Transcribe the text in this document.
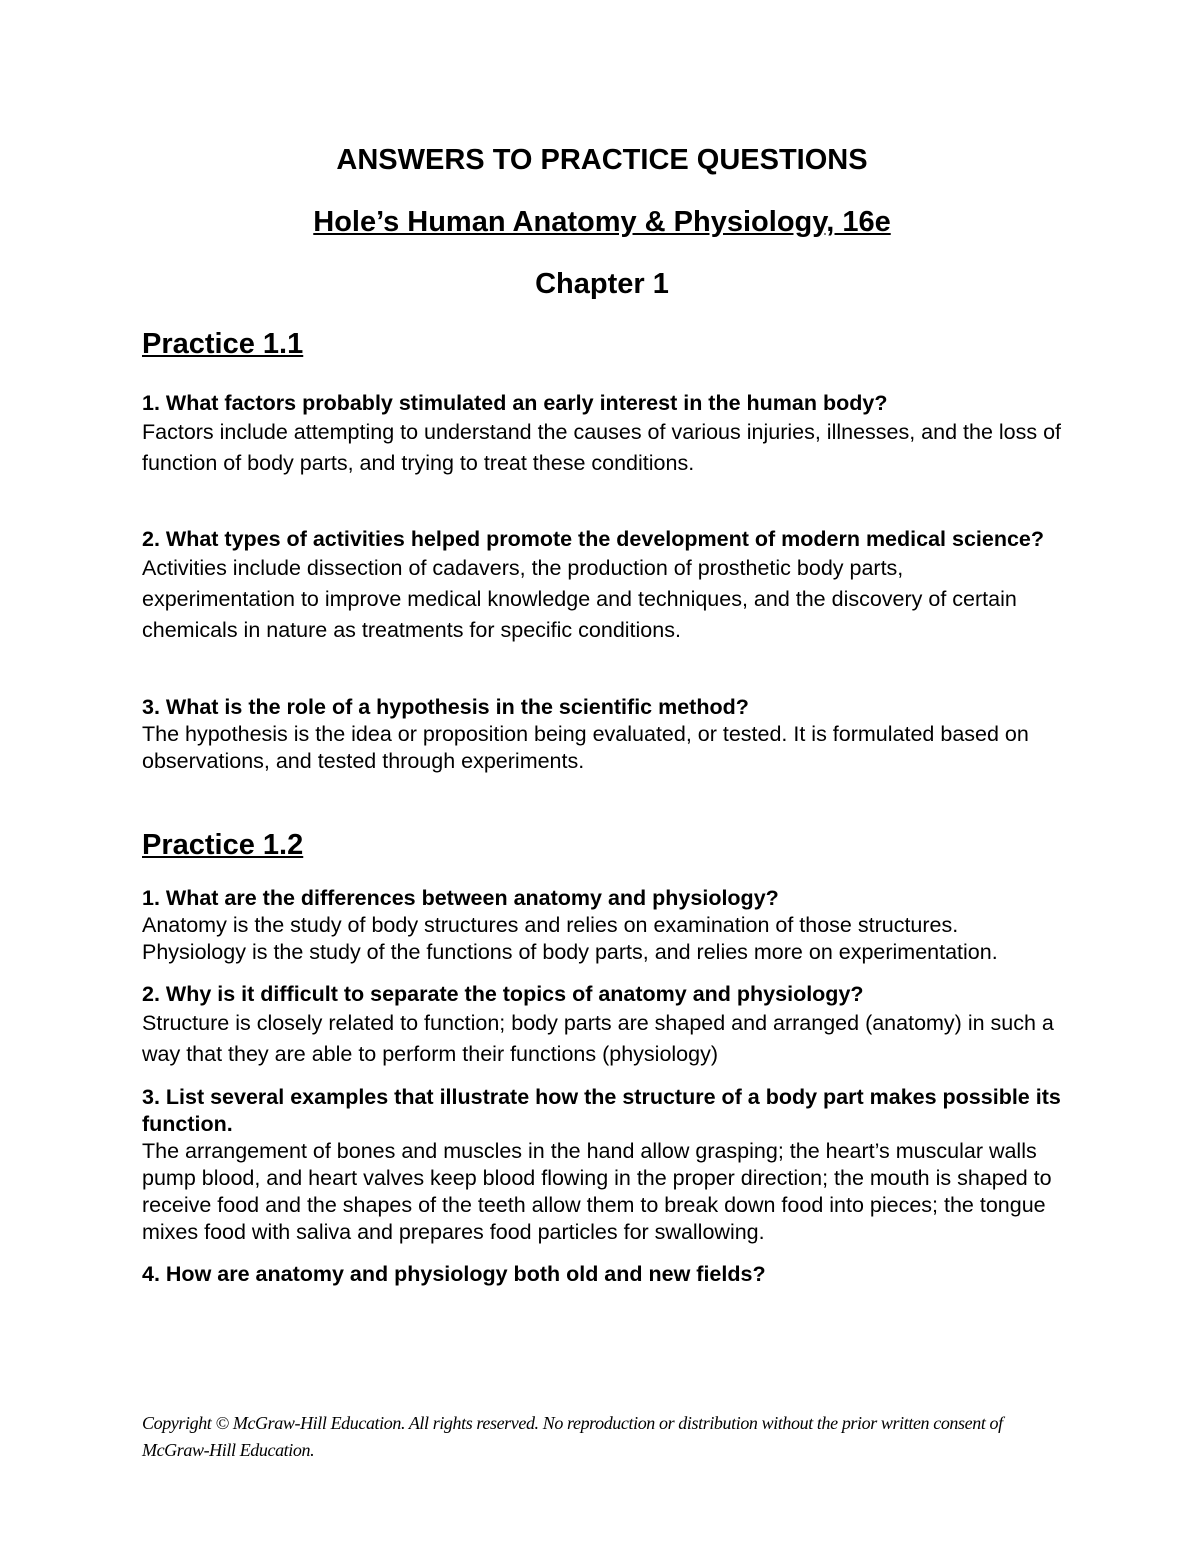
ANSWERS TO PRACTICE QUESTIONS
Hole’s Human Anatomy & Physiology, 16e
Chapter 1
Practice 1.1

1. What factors probably stimulated an early interest in the human body?

Factors include attempting to understand the causes of various injuries, illnesses, and the loss of function of body parts, and trying to treat these conditions.

2. What types of activities helped promote the development of modern medical science?

Activities include dissection of cadavers, the production of prosthetic body parts, experimentation to improve medical knowledge and techniques, and the discovery of certain chemicals in nature as treatments for specific conditions.

3. What is the role of a hypothesis in the scientific method?

The hypothesis is the idea or proposition being evaluated, or tested. It is formulated based on observations, and tested through experiments.

Practice 1.2

1. What are the differences between anatomy and physiology?

Anatomy is the study of body structures and relies on examination of those structures. Physiology is the study of the functions of body parts, and relies more on experimentation.

2. Why is it difficult to separate the topics of anatomy and physiology?

Structure is closely related to function; body parts are shaped and arranged (anatomy) in such a way that they are able to perform their functions (physiology)

3. List several examples that illustrate how the structure of a body part makes possible its function.

The arrangement of bones and muscles in the hand allow grasping; the heart’s muscular walls pump blood, and heart valves keep blood flowing in the proper direction; the mouth is shaped to receive food and the shapes of the teeth allow them to break down food into pieces; the tongue mixes food with saliva and prepares food particles for swallowing.

4. How are anatomy and physiology both old and new fields?

Copyright © McGraw-Hill Education. All rights reserved. No reproduction or distribution without the prior written consent of McGraw-Hill Education.
